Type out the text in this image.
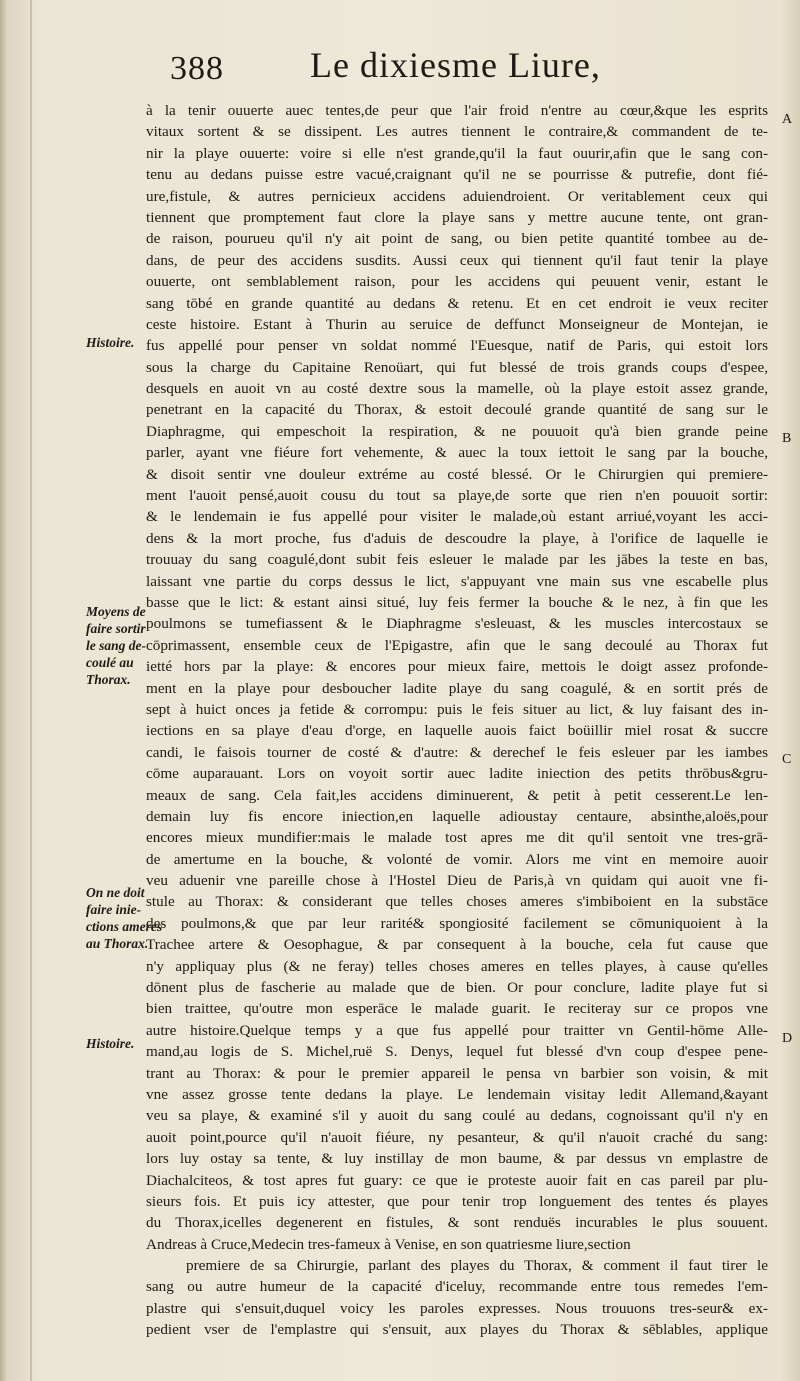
388 Le dixiesme Liure,
à la tenir ouuerte auec tentes,de peur que l'air froid n'entre au cœur,&que les esprits
vitaux sortent & se dissipent. Les autres tiennent le contraire,& commandent de te-
nir la playe ouuerte: voire si elle n'est grande,qu'il la faut ouurir,afin que le sang con-
tenu au dedans puisse estre vacué,craignant qu'il ne se pourrisse & putrefie, dont fié-
ure,fistule, & autres pernicieux accidens aduiendroient. Or veritablement ceux qui
tiennent que promptement faut clore la playe sans y mettre aucune tente, ont gran-
de raison, pourueu qu'il n'y ait point de sang, ou bien petite quantité tombee au de-
dans, de peur des accidens susdits. Aussi ceux qui tiennent qu'il faut tenir la playe
ouuerte, ont semblablement raison, pour les accidens qui peuuent venir, estant le
sang tōbé en grande quantité au dedans & retenu. Et en cet endroit ie veux reciter
ceste histoire. Estant à Thurin au seruice de deffunct Monseigneur de Montejan, ie
fus appellé pour penser vn soldat nommé l'Euesque, natif de Paris, qui estoit lors
sous la charge du Capitaine Renoüart, qui fut blessé de trois grands coups d'espee,
desquels en auoit vn au costé dextre sous la mamelle, où la playe estoit assez grande,
penetrant en la capacité du Thorax, & estoit decoulé grande quantité de sang sur le
Diaphragme, qui empeschoit la respiration, & ne pouuoit qu'à bien grande peine
parler, ayant vne fiéure fort vehemente, & auec la toux iettoit le sang par la bouche,
& disoit sentir vne douleur extréme au costé blessé. Or le Chirurgien qui premiere-
ment l'auoit pensé,auoit cousu du tout sa playe,de sorte que rien n'en pouuoit sortir:
& le lendemain ie fus appellé pour visiter le malade,où estant arriué,voyant les acci-
dens & la mort proche, fus d'aduis de descoudre la playe, à l'orifice de laquelle ie
trouuay du sang coagulé,dont subit feis esleuer le malade par les jābes la teste en bas,
laissant vne partie du corps dessus le lict, s'appuyant vne main sus vne escabelle plus
basse que le lict: & estant ainsi situé, luy feis fermer la bouche & le nez, à fin que les
poulmons se tumefiassent & le Diaphragme s'esleuast, & les muscles intercostaux se
cōprimassent, ensemble ceux de l'Epigastre, afin que le sang decoulé au Thorax fut
ietté hors par la playe: & encores pour mieux faire, mettois le doigt assez profonde-
ment en la playe pour desboucher ladite playe du sang coagulé, & en sortit prés de
sept à huict onces ja fetide & corrompu: puis le feis situer au lict, & luy faisant des in-
iections en sa playe d'eau d'orge, en laquelle auois faict boüillir miel rosat & succre
candi, le faisois tourner de costé & d'autre: & derechef le feis esleuer par les iambes
cōme auparauant. Lors on voyoit sortir auec ladite iniection des petits thrōbus&gru-
meaux de sang. Cela fait,les accidens diminuerent, & petit à petit cesserent.Le len-
demain luy fis encore iniection,en laquelle adioustay centaure, absinthe,aloës,pour
encores mieux mundifier:mais le malade tost apres me dit qu'il sentoit vne tres-grā-
de amertume en la bouche, & volonté de vomir. Alors me vint en memoire auoir
veu aduenir vne pareille chose à l'Hostel Dieu de Paris,à vn quidam qui auoit vne fi-
stule au Thorax: & considerant que telles choses ameres s'imbiboient en la substāce
des poulmons,& que par leur rarité& spongiosité facilement se cōmuniquoient à la
Trachee artere & Oesophague, & par consequent à la bouche, cela fut cause que
n'y appliquay plus (& ne feray) telles choses ameres en telles playes, à cause qu'elles
dōnent plus de fascherie au malade que de bien. Or pour conclure, ladite playe fut si
bien traittee, qu'outre mon esperāce le malade guarit. Ie reciteray sur ce propos vne
autre histoire.Quelque temps y a que fus appellé pour traitter vn Gentil-hōme Alle-
mand,au logis de S. Michel,ruë S. Denys, lequel fut blessé d'vn coup d'espee pene-
trant au Thorax: & pour le premier appareil le pensa vn barbier son voisin, & mit
vne assez grosse tente dedans la playe. Le lendemain visitay ledit Allemand,&ayant
veu sa playe, & examiné s'il y auoit du sang coulé au dedans, cognoissant qu'il n'y en
auoit point,pource qu'il n'auoit fiéure, ny pesanteur, & qu'il n'auoit craché du sang:
lors luy ostay sa tente, & luy instillay de mon baume, & par dessus vn emplastre de
Diachalciteos, & tost apres fut guary: ce que ie proteste auoir fait en cas pareil par plu-
sieurs fois. Et puis icy attester, que pour tenir trop longuement des tentes és playes
du Thorax,icelles degenerent en fistules, & sont renduës incurables le plus souuent.
Andreas à Cruce,Medecin tres-fameux à Venise, en son quatriesme liure,section
premiere de sa Chirurgie, parlant des playes du Thorax, & comment il faut tirer le
sang ou autre humeur de la capacité d'iceluy, recommande entre tous remedes l'em-
plastre qui s'ensuit,duquel voicy les paroles expresses. Nous trouuons tres-seur& ex-
pedient vser de l'emplastre qui s'ensuit, aux playes du Thorax & sēblables, applique
Histoire.
Moyens de
faire sortir
le sang de-
coulé au
Thorax.
On ne doit
faire inie-
ctions ameres
au Thorax.
Histoire.
A
B
C
D
